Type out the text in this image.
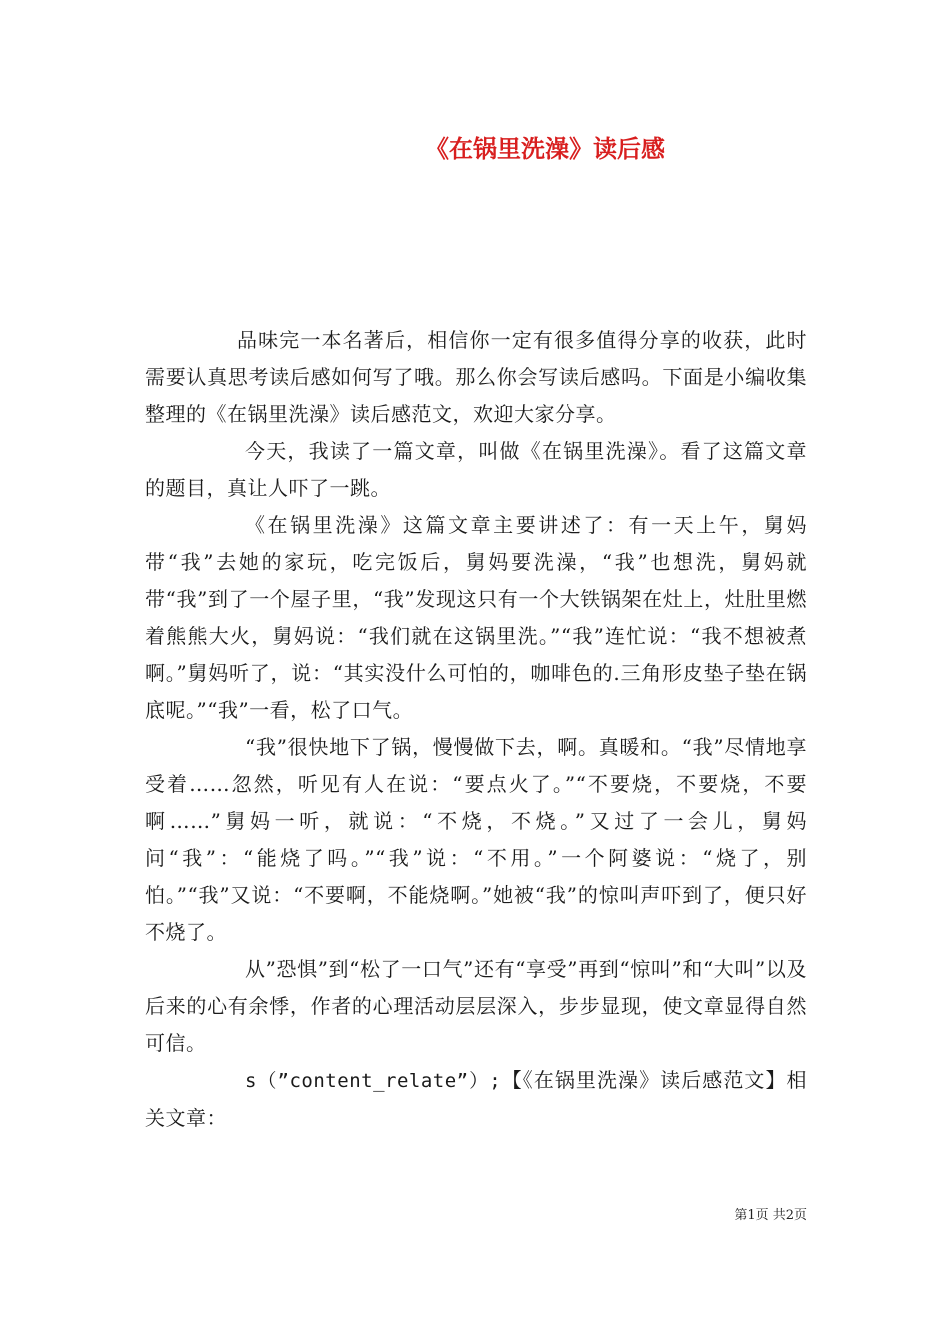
《在锅里洗澡》读后感

品味完一本名著后，相信你一定有很多值得分享的收获，此时需要认真思考读后感如何写了哦。那么你会写读后感吗。下面是小编收集整理的《在锅里洗澡》读后感范文，欢迎大家分享。

今天，我读了一篇文章，叫做《在锅里洗澡》。看了这篇文章的题目，真让人吓了一跳。

《在锅里洗澡》这篇文章主要讲述了：有一天上午，舅妈带“我”去她的家玩，吃完饭后，舅妈要洗澡，“我”也想洗，舅妈就带“我”到了一个屋子里，“我”发现这只有一个大铁锅架在灶上，灶肚里燃着熊熊大火，舅妈说：“我们就在这锅里洗。”“我”连忙说：“我不想被煮啊。”舅妈听了，说：“其实没什么可怕的，咖啡色的.三角形皮垫子垫在锅底呢。”“我”一看，松了口气。

“我”很快地下了锅，慢慢做下去，啊。真暖和。“我”尽情地享受着……忽然，听见有人在说：“要点火了。”“不要烧，不要烧，不要啊……”舅妈一听，就说：“不烧，不烧。”又过了一会儿，舅妈问“我”：“能烧了吗。”“我”说：“不用。”一个阿婆说：“烧了，别怕。”“我”又说：“不要啊，不能烧啊。”她被“我”的惊叫声吓到了，便只好不烧了。

从”恐惧”到“松了一口气”还有“享受”再到“惊叫”和“大叫”以及后来的心有余悸，作者的心理活动层层深入，步步显现，使文章显得自然可信。

s（”content_relate”）;【《在锅里洗澡》读后感范文】相关文章：

第1页 共2页
